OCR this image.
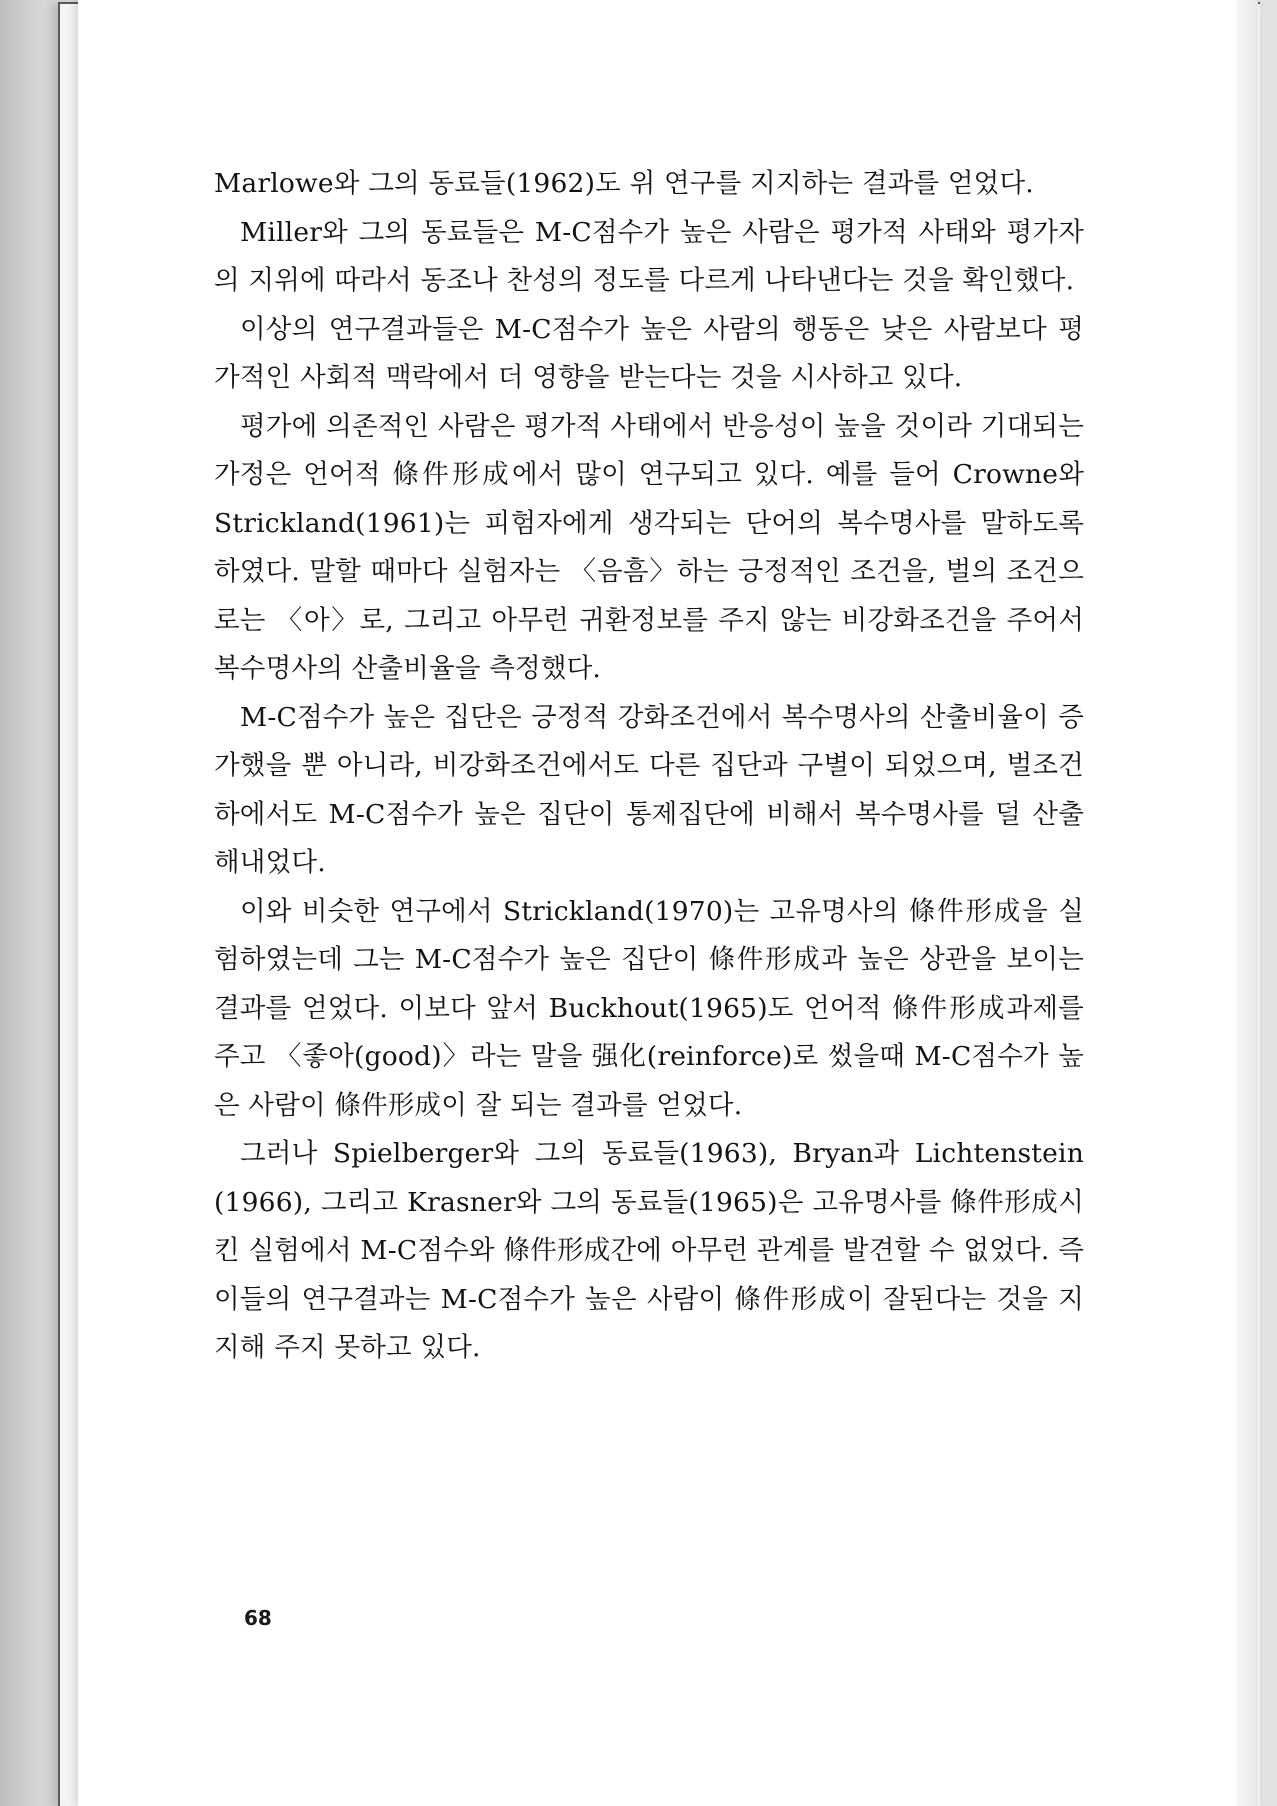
Marlowe와 그의 동료들(1962)도 위 연구를 지지하는 결과를 얻었다.

Miller와 그의 동료들은 M-C점수가 높은 사람은 평가적 사태와 평가자의 지위에 따라서 동조나 찬성의 정도를 다르게 나타낸다는 것을 확인했다.

이상의 연구결과들은 M-C점수가 높은 사람의 행동은 낮은 사람보다 평가적인 사회적 맥락에서 더 영향을 받는다는 것을 시사하고 있다.

평가에 의존적인 사람은 평가적 사태에서 반응성이 높을 것이라 기대되는 가정은 언어적 條件形成에서 많이 연구되고 있다. 예를 들어 Crowne와 Strickland(1961)는 피험자에게 생각되는 단어의 복수명사를 말하도록 하였다. 말할 때마다 실험자는 〈음흠〉하는 긍정적인 조건을, 벌의 조건으로는 〈아〉로, 그리고 아무런 귀환정보를 주지 않는 비강화조건을 주어서 복수명사의 산출비율을 측정했다.

M-C점수가 높은 집단은 긍정적 강화조건에서 복수명사의 산출비율이 증가했을 뿐 아니라, 비강화조건에서도 다른 집단과 구별이 되었으며, 벌조건하에서도 M-C점수가 높은 집단이 통제집단에 비해서 복수명사를 덜 산출해내었다.

이와 비슷한 연구에서 Strickland(1970)는 고유명사의 條件形成을 실험하였는데 그는 M-C점수가 높은 집단이 條件形成과 높은 상관을 보이는 결과를 얻었다. 이보다 앞서 Buckhout(1965)도 언어적 條件形成과제를 주고 〈좋아(good)〉라는 말을 强化(reinforce)로 썼을때 M-C점수가 높은 사람이 條件形成이 잘 되는 결과를 얻었다.

그러나 Spielberger와 그의 동료들(1963), Bryan과 Lichtenstein (1966), 그리고 Krasner와 그의 동료들(1965)은 고유명사를 條件形成시킨 실험에서 M-C점수와 條件形成간에 아무런 관계를 발견할 수 없었다. 즉 이들의 연구결과는 M-C점수가 높은 사람이 條件形成이 잘된다는 것을 지지해 주지 못하고 있다.

68
